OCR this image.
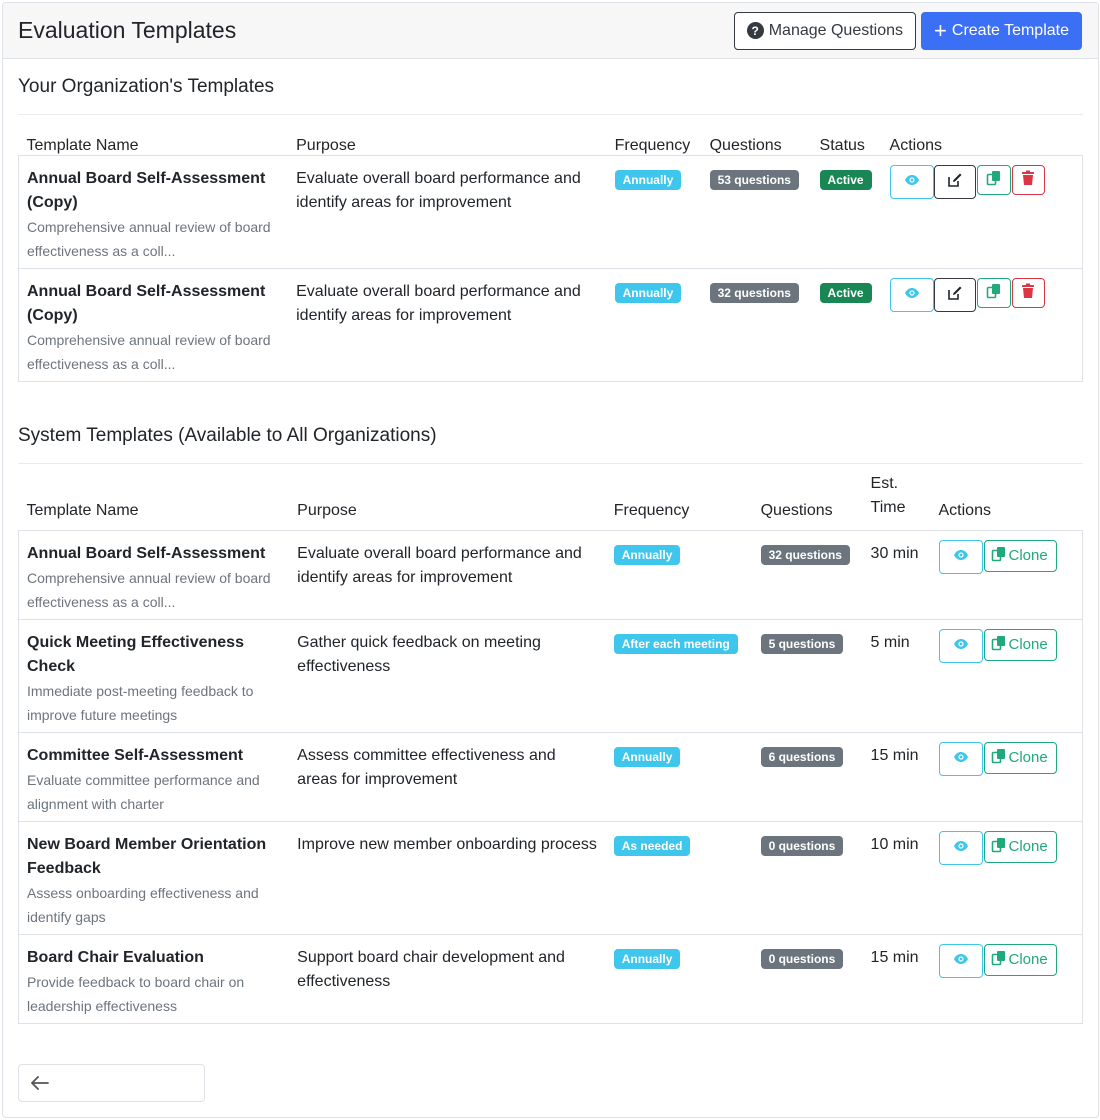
Evaluation Templates	? Manage Questions + Create Template
Your Organization's Templates
Template Name	Purpose	Frequency	Questions	Status	Actions

Annual Board Self-Assessment (Copy)
Comprehensive annual review of board effectiveness as a coll...	Evaluate overall board performance and identify areas for improvement	Annually	53 questions	Active	

Annual Board Self-Assessment (Copy)
Comprehensive annual review of board effectiveness as a coll...	Evaluate overall board performance and identify areas for improvement	Annually	32 questions	Active	
System Templates (Available to All Organizations)
Template Name	Purpose	Frequency	Questions	Est. Time	Actions

Annual Board Self-Assessment
Comprehensive annual review of board effectiveness as a coll...	Evaluate overall board performance and identify areas for improvement	Annually	32 questions	30 min	Clone

Quick Meeting Effectiveness Check
Immediate post-meeting feedback to improve future meetings	Gather quick feedback on meeting effectiveness	After each meeting	5 questions	5 min	Clone

Committee Self-Assessment
Evaluate committee performance and alignment with charter	Assess committee effectiveness and areas for improvement	Annually	6 questions	15 min	Clone

New Board Member Orientation Feedback
Assess onboarding effectiveness and identify gaps	Improve new member onboarding process	As needed	0 questions	10 min	Clone

Board Chair Evaluation
Provide feedback to board chair on leadership effectiveness	Support board chair development and effectiveness	Annually	0 questions	15 min	Clone
